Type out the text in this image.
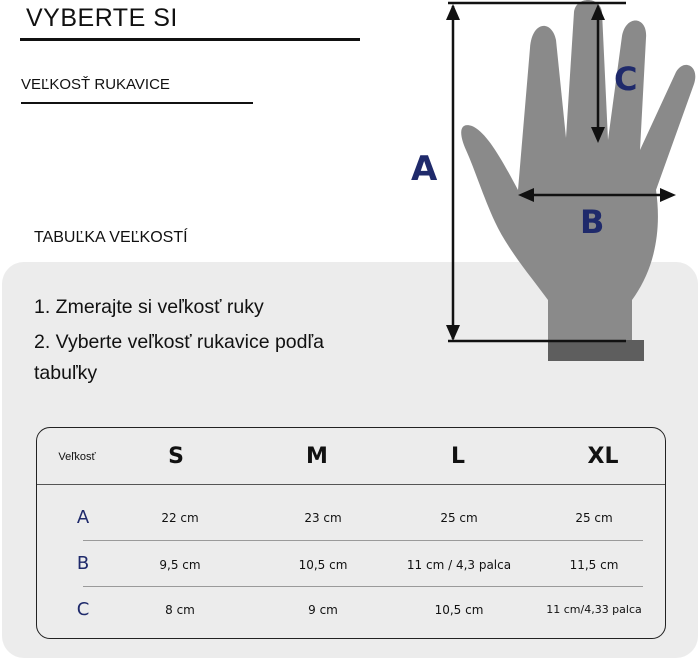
VYBERTE SI
VEĽKOSŤ RUKAVICE
TABUĽKA VEĽKOSTÍ
1. Zmerajte si veľkosť ruky
2. Vyberte veľkosť rukavice podľa
tabuľky
A
B
C
Veľkosť	S	M	L	XL
A	22 cm	23 cm	25 cm	25 cm
B	9,5 cm	10,5 cm	11 cm / 4,3 palca	11,5 cm
C	8 cm	9 cm	10,5 cm	11 cm/4,33 palca
